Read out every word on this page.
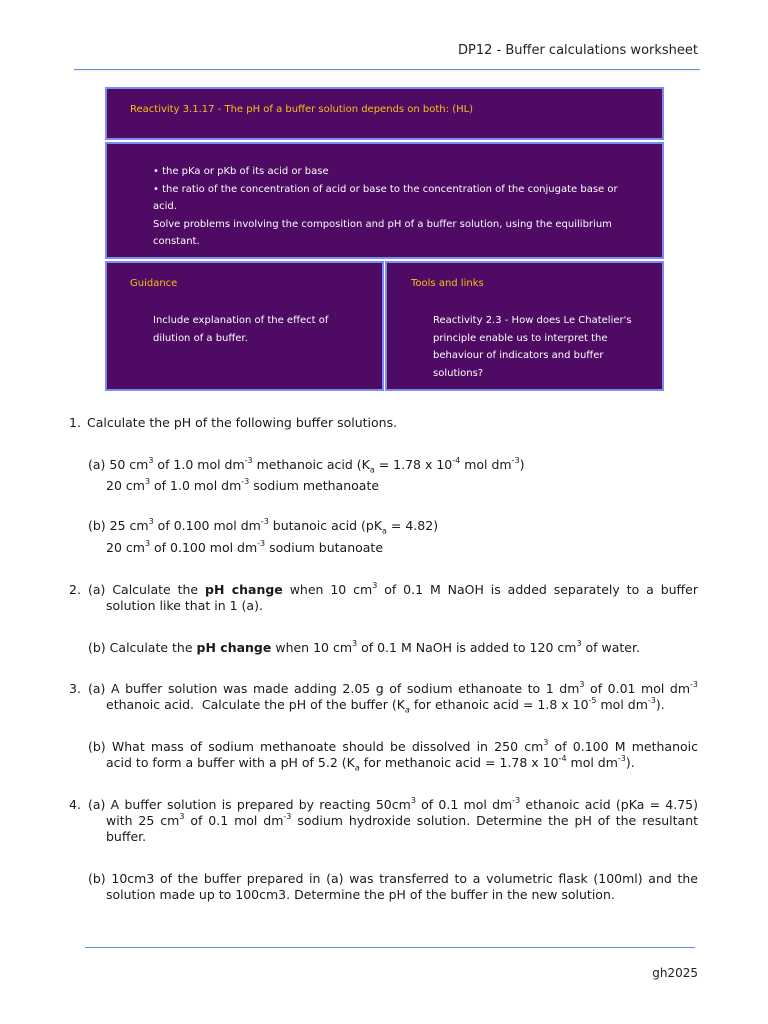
DP12 - Buffer calculations worksheet
Reactivity 3.1.17 - The pH of a buffer solution depends on both: (HL)
• the pKa or pKb of its acid or base
• the ratio of the concentration of acid or base to the concentration of the conjugate base or
acid.
Solve problems involving the composition and pH of a buffer solution, using the equilibrium
constant.
Guidance
Include explanation of the effect of
dilution of a buffer.
Tools and links
Reactivity 2.3 - How does Le Chatelier's
principle enable us to interpret the
behaviour of indicators and buffer
solutions?
1. Calculate the pH of the following buffer solutions.
(a) 50 $cm^3$ of 1.0 mol $dm^{-3}$ methanoic acid ($K_a = 1.78$ x $10^{-4}$ mol $dm^{-3}$)
20 $cm^3$ of 1.0 mol $dm^{-3}$ sodium methanoate
(b) 25 $cm^3$ of 0.100 mol $dm^{-3}$ butanoic acid $(pK_a = 4.82)$
20 $cm^3$ of 0.100 mol $dm^{-3}$ sodium butanoate
2. (a) Calculate the pH change when 10 $cm^3$ of 0.1 M NaOH is added separately to a buffer
solution like that in 1 (a).
(b) Calculate the pH change when 10 $cm^3$ of 0.1 M NaOH is added to 120 $cm^3$ of water.
3. (a) A buffer solution was made adding 2.05 g of sodium ethanoate to 1 $dm^3$ of 0.01 mol $dm^{-3}$
ethanoic acid.  Calculate the pH of the buffer ($K_a$ for ethanoic acid = 1.8 x $10^{-5}$ mol $dm^{-3}$).
(b) What mass of sodium methanoate should be dissolved in 250 $cm^3$ of 0.100 M methanoic
acid to form a buffer with a pH of 5.2 ($K_a$ for methanoic acid = 1.78 x $10^{-4}$ mol $dm^{-3}$).
4. (a) A buffer solution is prepared by reacting $50cm^3$ of 0.1 mol $dm^{-3}$ ethanoic acid (pKa = 4.75)
with 25 $cm^3$ of 0.1 mol $dm^{-3}$ sodium hydroxide solution. Determine the pH of the resultant
buffer.
(b) 10cm3 of the buffer prepared in (a) was transferred to a volumetric flask (100ml) and the
solution made up to 100cm3. Determine the pH of the buffer in the new solution.
gh2025
